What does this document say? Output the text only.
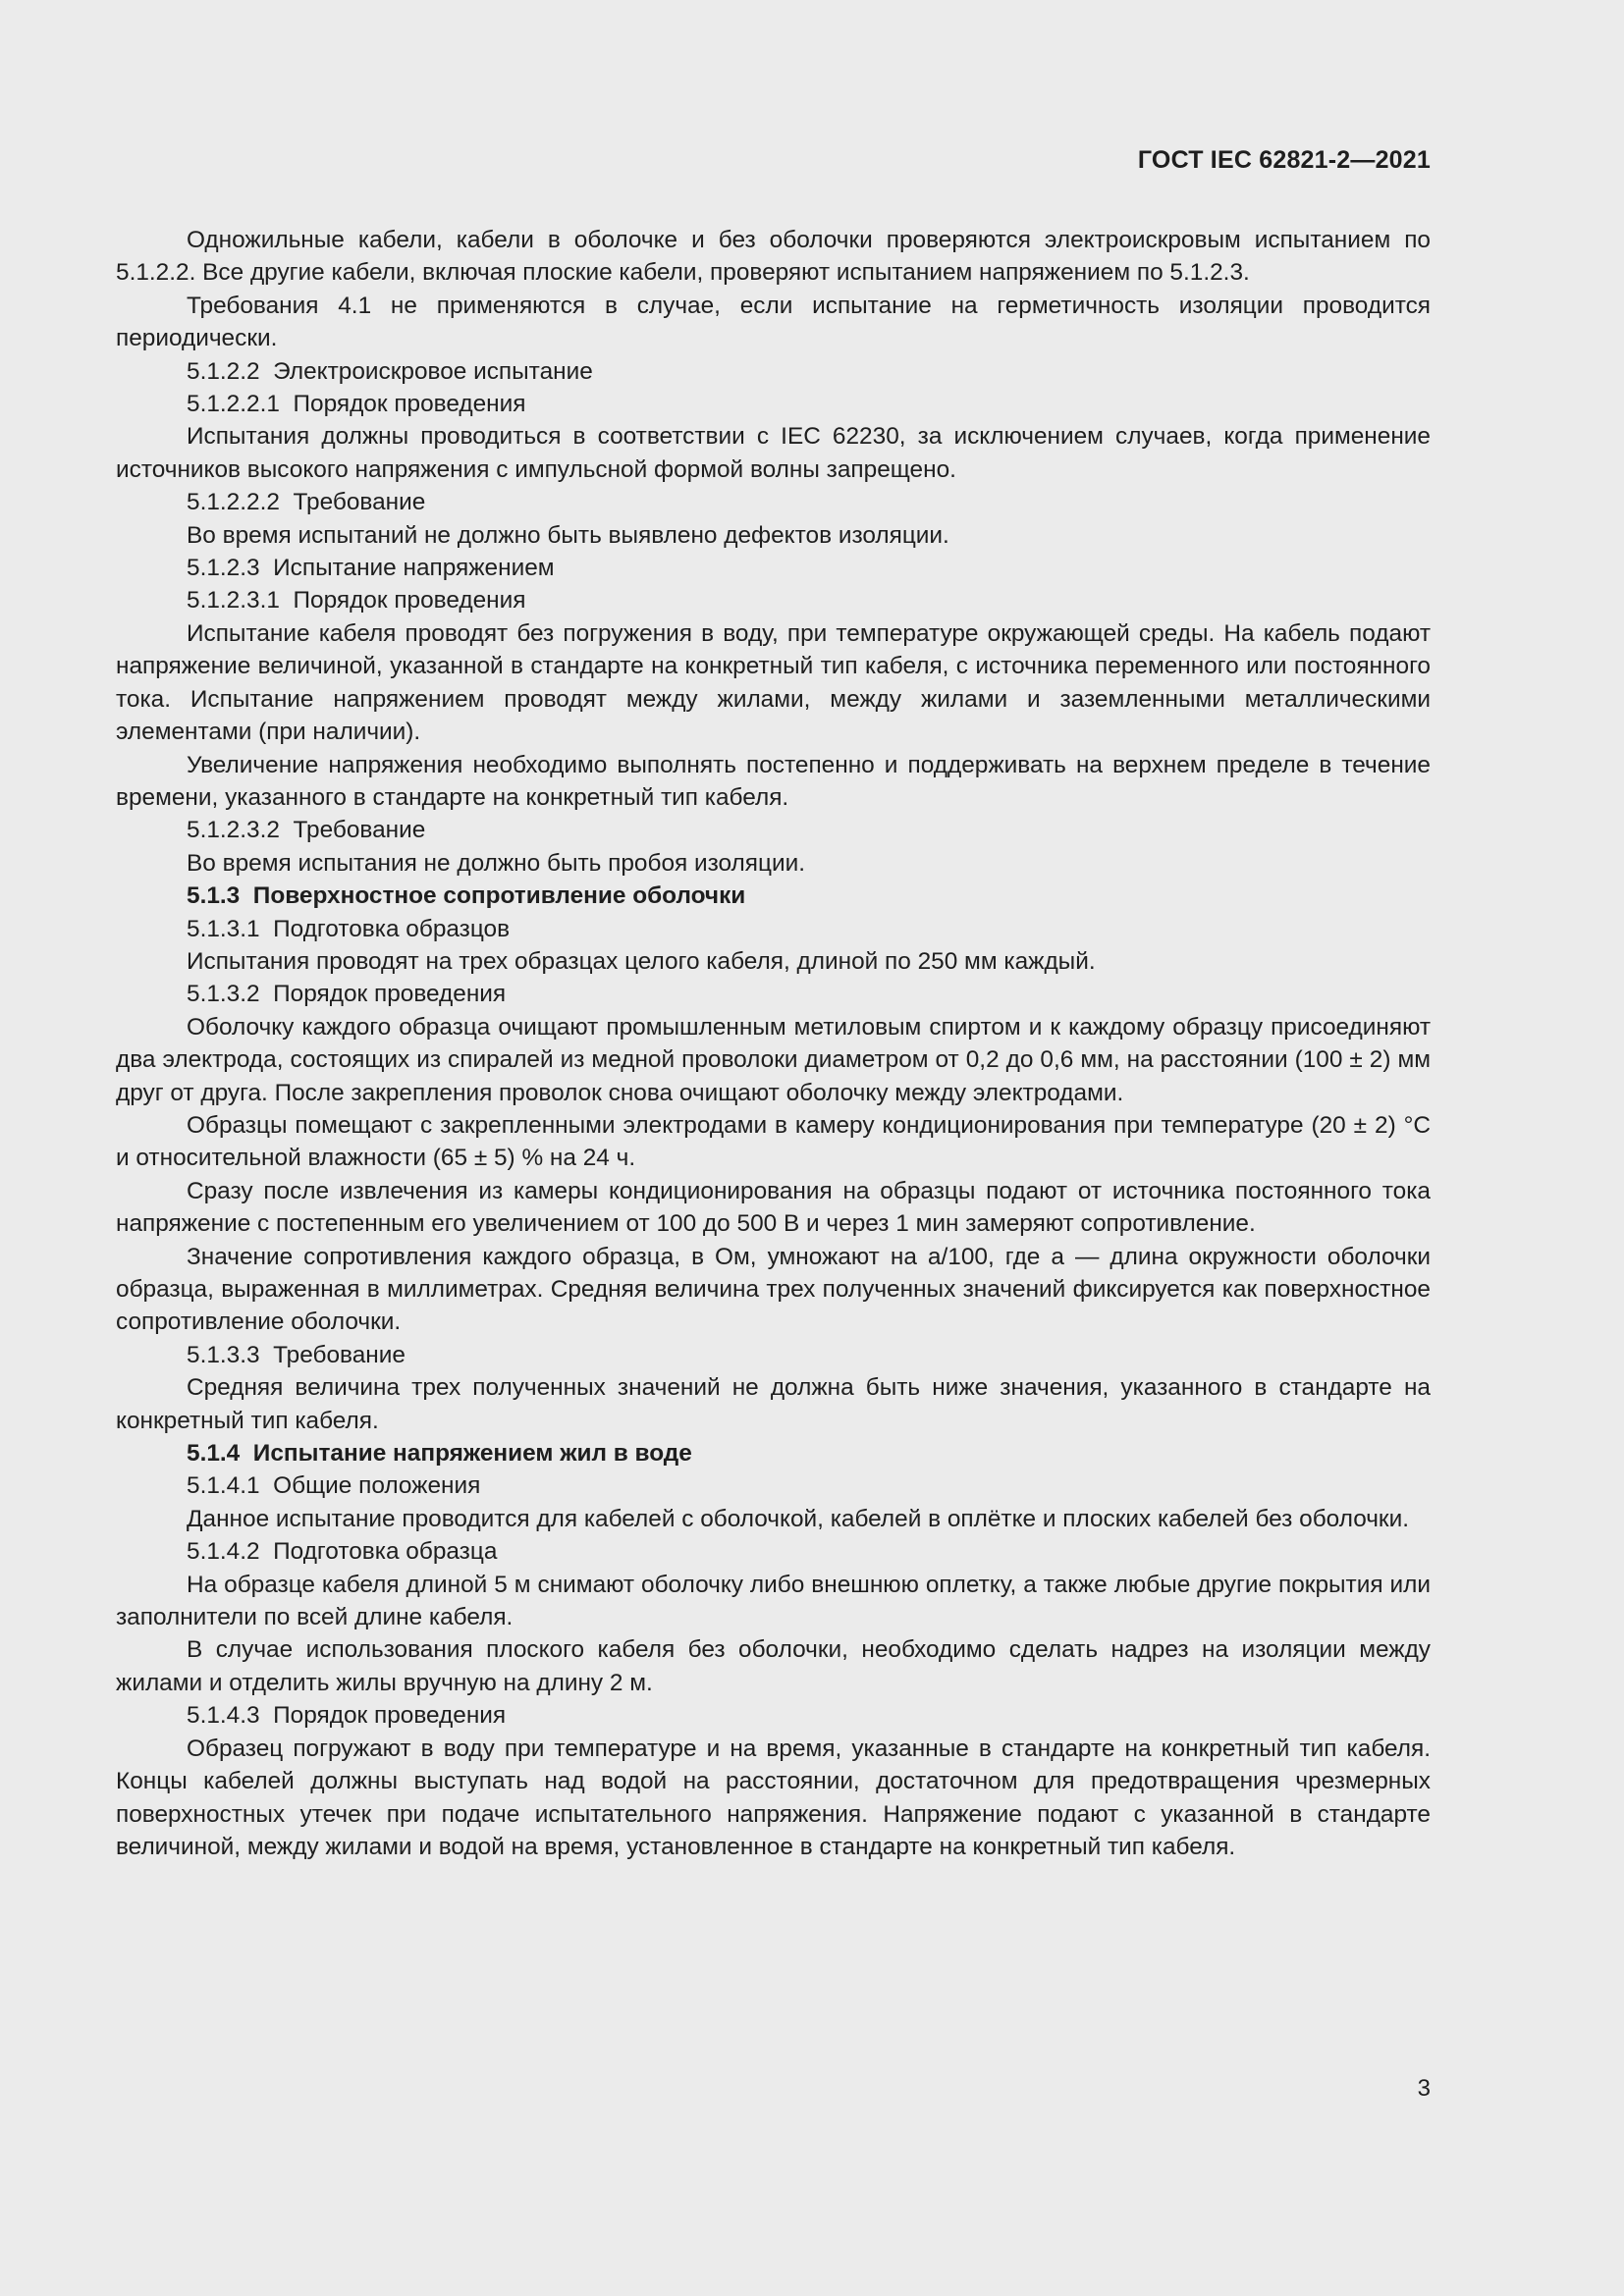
ГОСТ IEC 62821-2—2021

Одножильные кабели, кабели в оболочке и без оболочки проверяются электроискровым испытанием по 5.1.2.2. Все другие кабели, включая плоские кабели, проверяют испытанием напряжением по 5.1.2.3.

Требования 4.1 не применяются в случае, если испытание на герметичность изоляции проводится периодически.

5.1.2.2  Электроискровое испытание

5.1.2.2.1  Порядок проведения

Испытания должны проводиться в соответствии с IEC 62230, за исключением случаев, когда применение источников высокого напряжения с импульсной формой волны запрещено.

5.1.2.2.2  Требование

Во время испытаний не должно быть выявлено дефектов изоляции.

5.1.2.3  Испытание напряжением

5.1.2.3.1  Порядок проведения

Испытание кабеля проводят без погружения в воду, при температуре окружающей среды. На кабель подают напряжение величиной, указанной в стандарте на конкретный тип кабеля, с источника переменного или постоянного тока. Испытание напряжением проводят между жилами, между жилами и заземленными металлическими элементами (при наличии).

Увеличение напряжения необходимо выполнять постепенно и поддерживать на верхнем пределе в течение времени, указанного в стандарте на конкретный тип кабеля.

5.1.2.3.2  Требование

Во время испытания не должно быть пробоя изоляции.

5.1.3  Поверхностное сопротивление оболочки

5.1.3.1  Подготовка образцов

Испытания проводят на трех образцах целого кабеля, длиной по 250 мм каждый.

5.1.3.2  Порядок проведения

Оболочку каждого образца очищают промышленным метиловым спиртом и к каждому образцу присоединяют два электрода, состоящих из спиралей из медной проволоки диаметром от 0,2 до 0,6 мм, на расстоянии (100 ± 2) мм друг от друга. После закрепления проволок снова очищают оболочку между электродами.

Образцы помещают с закрепленными электродами в камеру кондиционирования при температуре (20 ± 2) °С и относительной влажности (65 ± 5) % на 24 ч.

Сразу после извлечения из камеры кондиционирования на образцы подают от источника постоянного тока напряжение с постепенным его увеличением от 100 до 500 В и через 1 мин замеряют сопротивление.

Значение сопротивления каждого образца, в Ом, умножают на a/100, где a — длина окружности оболочки образца, выраженная в миллиметрах. Средняя величина трех полученных значений фиксируется как поверхностное сопротивление оболочки.

5.1.3.3  Требование

Средняя величина трех полученных значений не должна быть ниже значения, указанного в стандарте на конкретный тип кабеля.

5.1.4  Испытание напряжением жил в воде

5.1.4.1  Общие положения

Данное испытание проводится для кабелей с оболочкой, кабелей в оплётке и плоских кабелей без оболочки.

5.1.4.2  Подготовка образца

На образце кабеля длиной 5 м снимают оболочку либо внешнюю оплетку, а также любые другие покрытия или заполнители по всей длине кабеля.

В случае использования плоского кабеля без оболочки, необходимо сделать надрез на изоляции между жилами и отделить жилы вручную на длину 2 м.

5.1.4.3  Порядок проведения

Образец погружают в воду при температуре и на время, указанные в стандарте на конкретный тип кабеля. Концы кабелей должны выступать над водой на расстоянии, достаточном для предотвращения чрезмерных поверхностных утечек при подаче испытательного напряжения. Напряжение подают с указанной в стандарте величиной, между жилами и водой на время, установленное в стандарте на конкретный тип кабеля.

3
